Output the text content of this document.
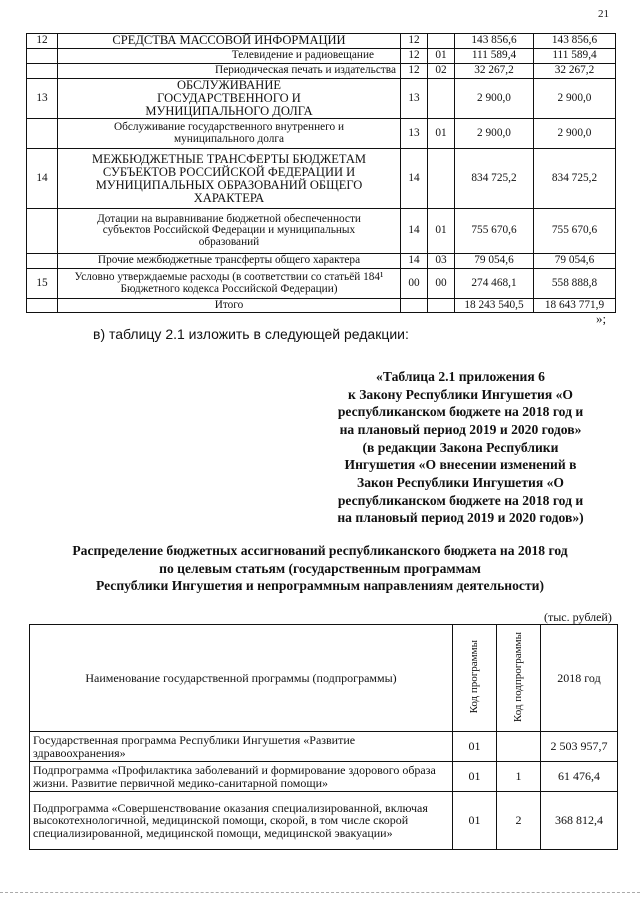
21
12	СРЕДСТВА МАССОВОЙ ИНФОРМАЦИИ	12		143 856,6	143 856,6
	Телевидение и радиовещание	12	01	111 589,4	111 589,4
	Периодическая печать и издательства	12	02	32 267,2	32 267,2
13	ОБСЛУЖИВАНИЕ ГОСУДАРСТВЕННОГО И МУНИЦИПАЛЬНОГО ДОЛГА	13		2 900,0	2 900,0
	Обслуживание государственного внутреннего и муниципального долга	13	01	2 900,0	2 900,0
14	МЕЖБЮДЖЕТНЫЕ ТРАНСФЕРТЫ БЮДЖЕТАМ СУБЪЕКТОВ РОССИЙСКОЙ ФЕДЕРАЦИИ И МУНИЦИПАЛЬНЫХ ОБРАЗОВАНИЙ ОБЩЕГО ХАРАКТЕРА	14		834 725,2	834 725,2
	Дотации на выравнивание бюджетной обеспеченности субъектов Российской Федерации и муниципальных образований	14	01	755 670,6	755 670,6
	Прочие межбюджетные трансферты общего характера	14	03	79 054,6	79 054,6
15	Условно утверждаемые расходы (в соответствии со статьёй 184¹ Бюджетного кодекса Российской Федерации)	00	00	274 468,1	558 888,8
	Итого			18 243 540,5	18 643 771,9
»;
в) таблицу 2.1 изложить в следующей редакции:
«Таблица 2.1 приложения 6
к Закону Республики Ингушетия «О
республиканском бюджете на 2018 год и
на плановый период 2019 и 2020 годов»
(в редакции Закона Республики
Ингушетия «О внесении изменений в
Закон Республики Ингушетия «О
республиканском бюджете на 2018 год и
на плановый период 2019 и 2020 годов»)
Распределение бюджетных ассигнований республиканского бюджета на 2018 год
по целевым статьям (государственным программам
Республики Ингушетия и непрограммным направлениям деятельности)
(тыс. рублей)
Наименование государственной программы (подпрограммы)	Код программы	Код подпрограммы	2018 год
Государственная программа Республики Ингушетия «Развитие здравоохранения»	01		2 503 957,7
Подпрограмма «Профилактика заболеваний и формирование здорового образа жизни. Развитие первичной медико-санитарной помощи»	01	1	61 476,4
Подпрограмма «Совершенствование оказания специализированной, включая высокотехнологичной, медицинской помощи, скорой, в том числе скорой специализированной, медицинской помощи, медицинской эвакуации»	01	2	368 812,4
